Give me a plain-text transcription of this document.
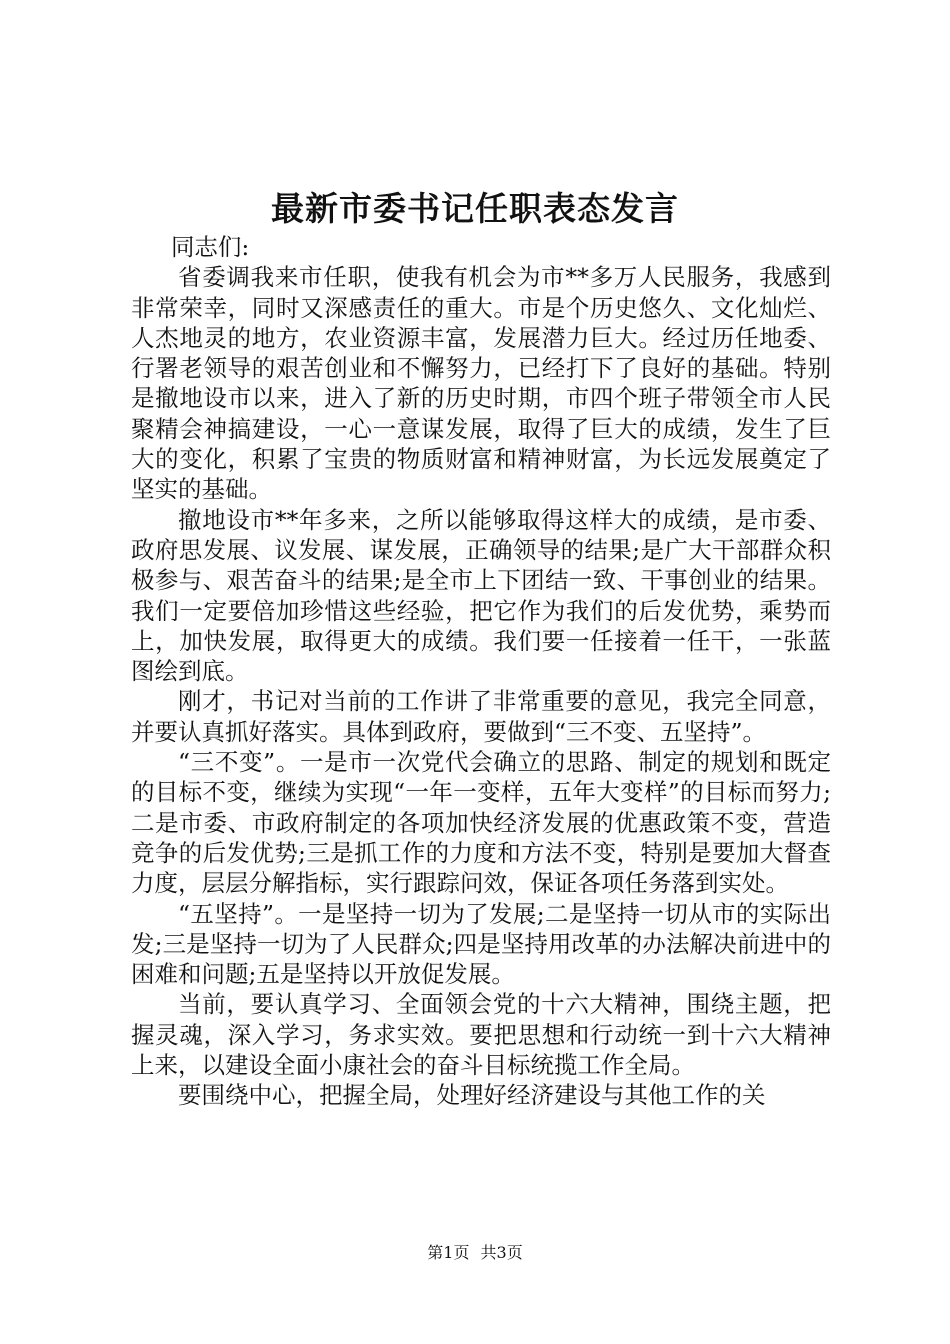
最新市委书记任职表态发言

同志们:

省委调我来市任职，使我有机会为市**多万人民服务，我感到非常荣幸，同时又深感责任的重大。市是个历史悠久、文化灿烂、人杰地灵的地方，农业资源丰富，发展潜力巨大。经过历任地委、行署老领导的艰苦创业和不懈努力，已经打下了良好的基础。特别是撤地设市以来，进入了新的历史时期，市四个班子带领全市人民聚精会神搞建设，一心一意谋发展，取得了巨大的成绩，发生了巨大的变化，积累了宝贵的物质财富和精神财富，为长远发展奠定了坚实的基础。

撤地设市**年多来，之所以能够取得这样大的成绩，是市委、政府思发展、议发展、谋发展，正确领导的结果;是广大干部群众积极参与、艰苦奋斗的结果;是全市上下团结一致、干事创业的结果。我们一定要倍加珍惜这些经验，把它作为我们的后发优势，乘势而上，加快发展，取得更大的成绩。我们要一任接着一任干，一张蓝图绘到底。

刚才，书记对当前的工作讲了非常重要的意见，我完全同意，并要认真抓好落实。具体到政府，要做到“三不变、五坚持”。

“三不变”。一是市一次党代会确立的思路、制定的规划和既定的目标不变，继续为实现“一年一变样，五年大变样”的目标而努力;二是市委、市政府制定的各项加快经济发展的优惠政策不变，营造竞争的后发优势;三是抓工作的力度和方法不变，特别是要加大督查力度，层层分解指标，实行跟踪问效，保证各项任务落到实处。

“五坚持”。一是坚持一切为了发展;二是坚持一切从市的实际出发;三是坚持一切为了人民群众;四是坚持用改革的办法解决前进中的困难和问题;五是坚持以开放促发展。

当前，要认真学习、全面领会党的十六大精神，围绕主题，把握灵魂，深入学习，务求实效。要把思想和行动统一到十六大精神上来，以建设全面小康社会的奋斗目标统揽工作全局。

要围绕中心，把握全局，处理好经济建设与其他工作的关

第1页 共3页
